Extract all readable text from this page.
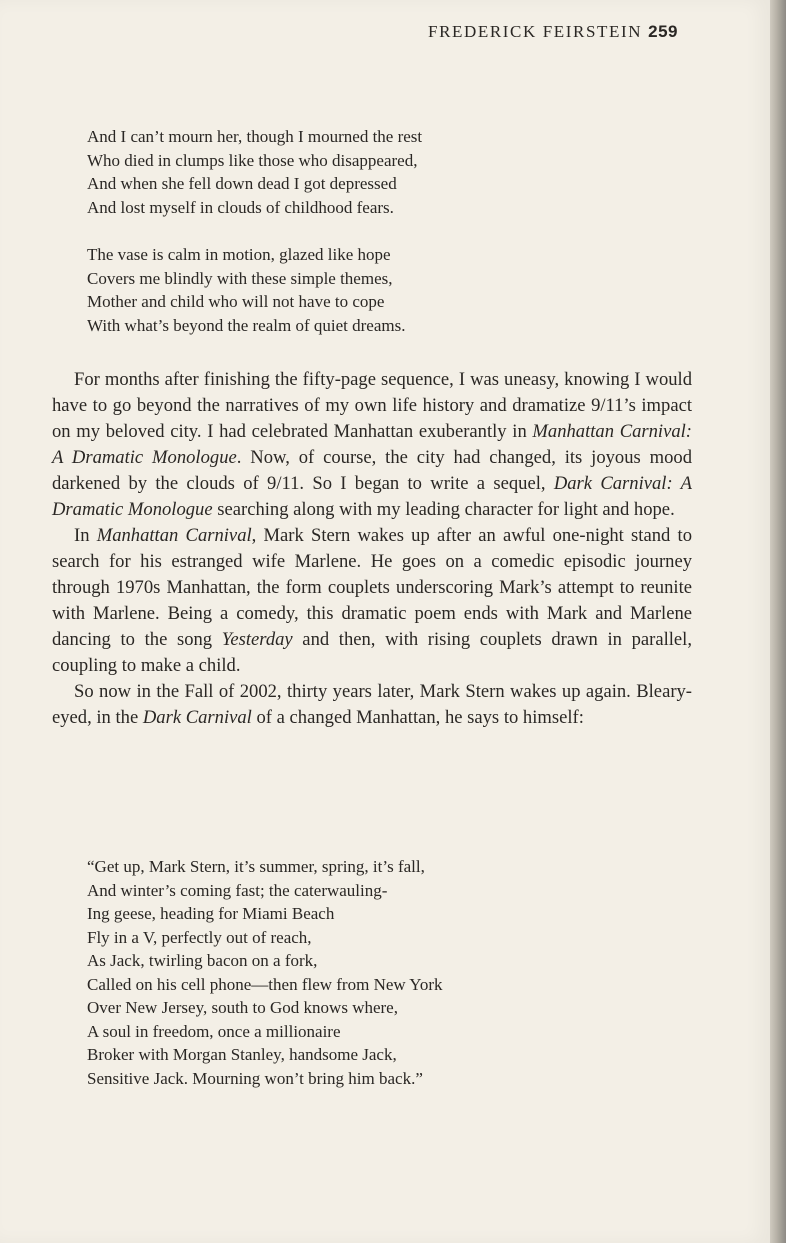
FREDERICK FEIRSTEIN 259
And I can’t mourn her, though I mourned the rest
Who died in clumps like those who disappeared,
And when she fell down dead I got depressed
And lost myself in clouds of childhood fears.
The vase is calm in motion, glazed like hope
Covers me blindly with these simple themes,
Mother and child who will not have to cope
With what’s beyond the realm of quiet dreams.

For months after finishing the fifty-page sequence, I was uneasy, knowing I would have to go beyond the narratives of my own life history and dramatize 9/11’s impact on my beloved city. I had celebrated Manhattan exuberantly in Manhattan Carnival: A Dramatic Monologue. Now, of course, the city had changed, its joyous mood darkened by the clouds of 9/11. So I began to write a sequel, Dark Carnival: A Dramatic Monologue searching along with my leading character for light and hope.

In Manhattan Carnival, Mark Stern wakes up after an awful one-night stand to search for his estranged wife Marlene. He goes on a comedic episodic journey through 1970s Manhattan, the form couplets underscoring Mark’s attempt to reunite with Marlene. Being a comedy, this dramatic poem ends with Mark and Marlene dancing to the song Yesterday and then, with rising couplets drawn in parallel, coupling to make a child.

So now in the Fall of 2002, thirty years later, Mark Stern wakes up again. Bleary-eyed, in the Dark Carnival of a changed Manhattan, he says to himself:

“Get up, Mark Stern, it’s summer, spring, it’s fall,
And winter’s coming fast; the caterwauling-
Ing geese, heading for Miami Beach
Fly in a V, perfectly out of reach,
As Jack, twirling bacon on a fork,
Called on his cell phone—then flew from New York
Over New Jersey, south to God knows where,
A soul in freedom, once a millionaire
Broker with Morgan Stanley, handsome Jack,
Sensitive Jack. Mourning won’t bring him back.”
